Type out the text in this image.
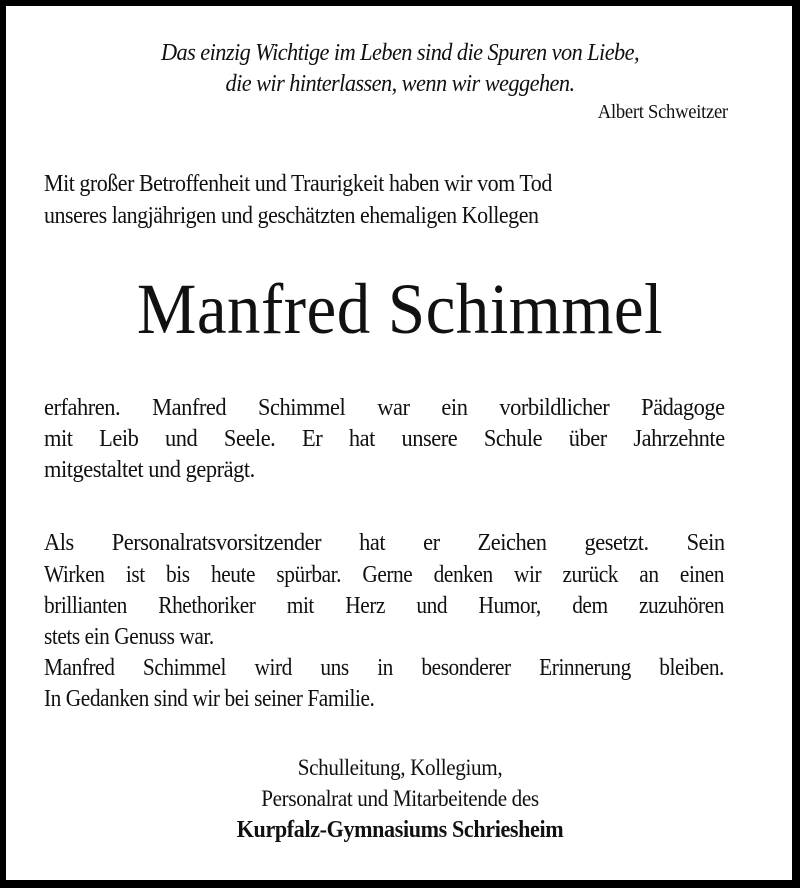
Das einzig Wichtige im Leben sind die Spuren von Liebe,

die wir hinterlassen, wenn wir weggehen.

Albert Schweitzer

Mit großer Betroffenheit und Traurigkeit haben wir vom Tod

unseres langjährigen und geschätzten ehemaligen Kollegen

Manfred Schimmel

erfahren. Manfred Schimmel war ein vorbildlicher Pädagoge

mit Leib und Seele. Er hat unsere Schule über Jahrzehnte

mitgestaltet und geprägt.

Als Personalratsvorsitzender hat er Zeichen gesetzt. Sein

Wirken ist bis heute spürbar. Gerne denken wir zurück an einen

brillianten Rhethoriker mit Herz und Humor, dem zuzuhören

stets ein Genuss war.

Manfred Schimmel wird uns in besonderer Erinnerung bleiben.

In Gedanken sind wir bei seiner Familie.

Schulleitung, Kollegium,

Personalrat und Mitarbeitende des

Kurpfalz-Gymnasiums Schriesheim
